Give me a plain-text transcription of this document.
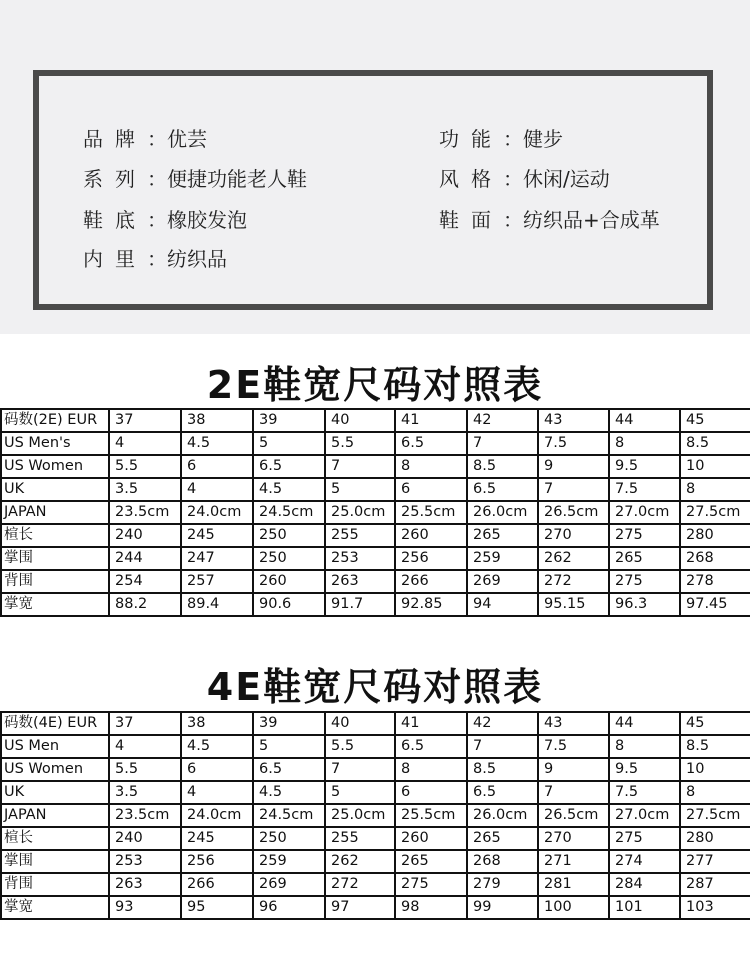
品牌：优芸
系列：便捷功能老人鞋
鞋底：橡胶发泡
内里：纺织品
功能：健步
风格：休闲/运动
鞋面：纺织品+合成革
2E鞋宽尺码对照表
码数(2E) EUR	37	38	39	40	41	42	43	44	45
US Men's	4	4.5	5	5.5	6.5	7	7.5	8	8.5
US Women	5.5	6	6.5	7	8	8.5	9	9.5	10
UK	3.5	4	4.5	5	6	6.5	7	7.5	8
JAPAN	23.5cm	24.0cm	24.5cm	25.0cm	25.5cm	26.0cm	26.5cm	27.0cm	27.5cm
楦长	240	245	250	255	260	265	270	275	280
掌围	244	247	250	253	256	259	262	265	268
背围	254	257	260	263	266	269	272	275	278
掌宽	88.2	89.4	90.6	91.7	92.85	94	95.15	96.3	97.45
4E鞋宽尺码对照表
码数(4E) EUR	37	38	39	40	41	42	43	44	45
US Men	4	4.5	5	5.5	6.5	7	7.5	8	8.5
US Women	5.5	6	6.5	7	8	8.5	9	9.5	10
UK	3.5	4	4.5	5	6	6.5	7	7.5	8
JAPAN	23.5cm	24.0cm	24.5cm	25.0cm	25.5cm	26.0cm	26.5cm	27.0cm	27.5cm
楦长	240	245	250	255	260	265	270	275	280
掌围	253	256	259	262	265	268	271	274	277
背围	263	266	269	272	275	279	281	284	287
掌宽	93	95	96	97	98	99	100	101	103
